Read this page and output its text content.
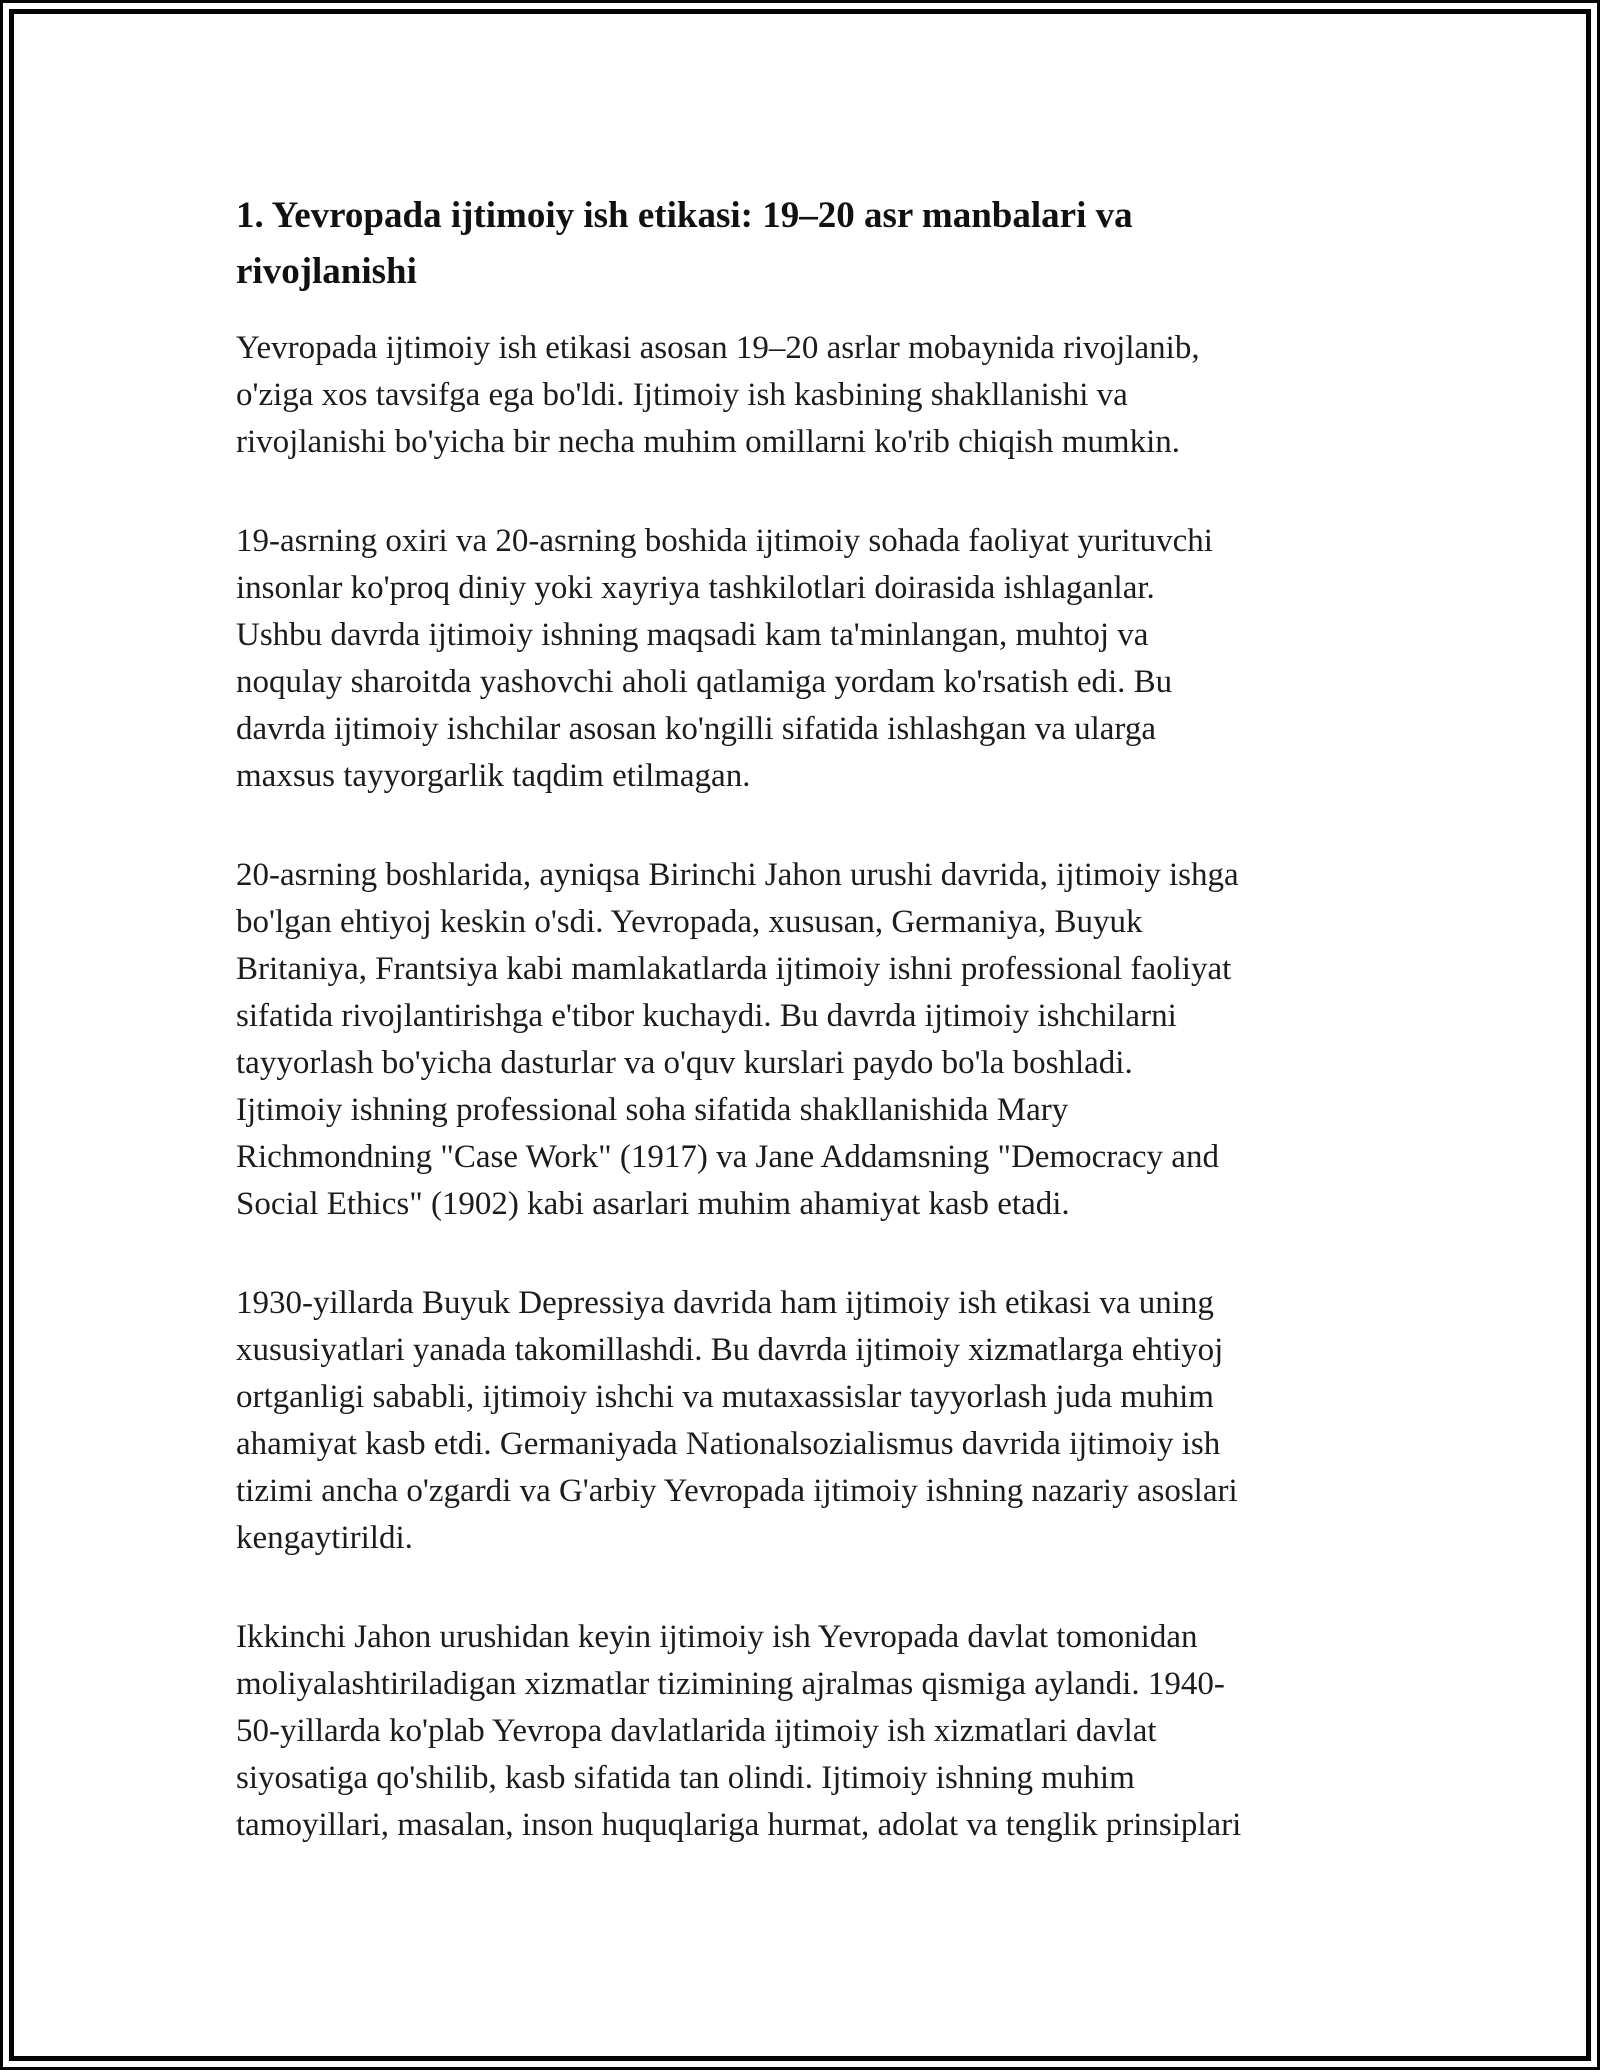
1. Yevropada ijtimoiy ish etikasi: 19–20 asr manbalari va
rivojlanishi

Yevropada ijtimoiy ish etikasi asosan 19–20 asrlar mobaynida rivojlanib,
o'ziga xos tavsifga ega bo'ldi. Ijtimoiy ish kasbining shakllanishi va
rivojlanishi bo'yicha bir necha muhim omillarni ko'rib chiqish mumkin.

19-asrning oxiri va 20-asrning boshida ijtimoiy sohada faoliyat yurituvchi
insonlar ko'proq diniy yoki xayriya tashkilotlari doirasida ishlaganlar.
Ushbu davrda ijtimoiy ishning maqsadi kam ta'minlangan, muhtoj va
noqulay sharoitda yashovchi aholi qatlamiga yordam ko'rsatish edi. Bu
davrda ijtimoiy ishchilar asosan ko'ngilli sifatida ishlashgan va ularga
maxsus tayyorgarlik taqdim etilmagan.

20-asrning boshlarida, ayniqsa Birinchi Jahon urushi davrida, ijtimoiy ishga
bo'lgan ehtiyoj keskin o'sdi. Yevropada, xususan, Germaniya, Buyuk
Britaniya, Frantsiya kabi mamlakatlarda ijtimoiy ishni professional faoliyat
sifatida rivojlantirishga e'tibor kuchaydi. Bu davrda ijtimoiy ishchilarni
tayyorlash bo'yicha dasturlar va o'quv kurslari paydo bo'la boshladi.
Ijtimoiy ishning professional soha sifatida shakllanishida Mary
Richmondning "Case Work" (1917) va Jane Addamsning "Democracy and
Social Ethics" (1902) kabi asarlari muhim ahamiyat kasb etadi.

1930-yillarda Buyuk Depressiya davrida ham ijtimoiy ish etikasi va uning
xususiyatlari yanada takomillashdi. Bu davrda ijtimoiy xizmatlarga ehtiyoj
ortganligi sababli, ijtimoiy ishchi va mutaxassislar tayyorlash juda muhim
ahamiyat kasb etdi. Germaniyada Nationalsozialismus davrida ijtimoiy ish
tizimi ancha o'zgardi va G'arbiy Yevropada ijtimoiy ishning nazariy asoslari
kengaytirildi.

Ikkinchi Jahon urushidan keyin ijtimoiy ish Yevropada davlat tomonidan
moliyalashtiriladigan xizmatlar tizimining ajralmas qismiga aylandi. 1940-
50-yillarda ko'plab Yevropa davlatlarida ijtimoiy ish xizmatlari davlat
siyosatiga qo'shilib, kasb sifatida tan olindi. Ijtimoiy ishning muhim
tamoyillari, masalan, inson huquqlariga hurmat, adolat va tenglik prinsiplari
